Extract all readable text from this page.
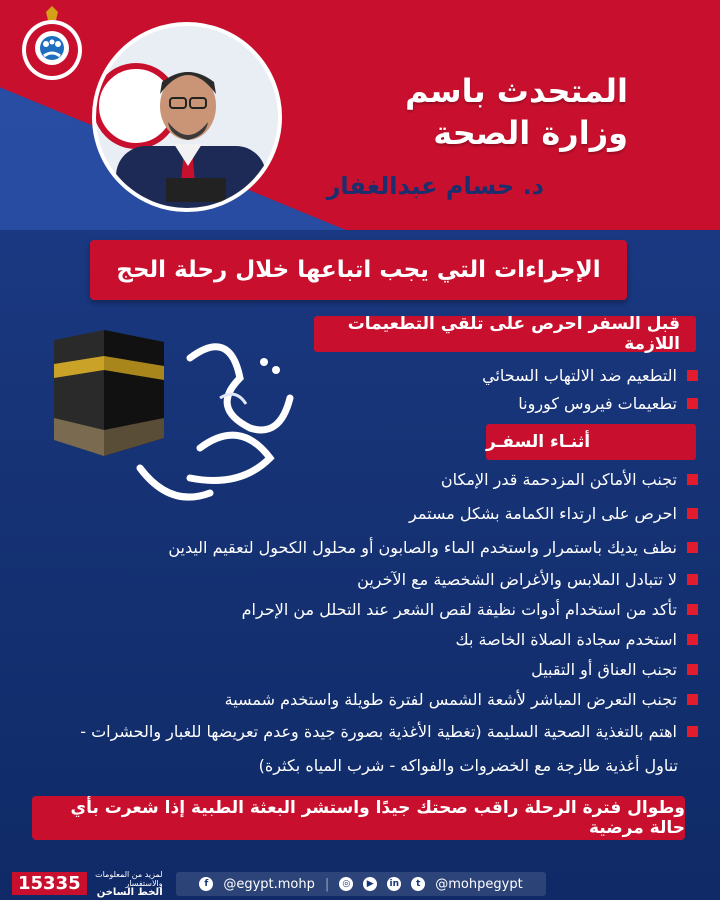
المتحدث باسم
وزارة الصحة
د. حسام عبدالغفار
الإجراءات التي يجب اتباعها خلال رحلة الحج
قبل السفر احرص على تلقي التطعيمات اللازمة
التطعيم ضد الالتهاب السحائي
تطعيمات فيروس كورونا
أثنـاء السفـر
تجنب الأماكن المزدحمة قدر الإمكان
احرص على ارتداء الكمامة بشكل مستمر
نظف يديك باستمرار واستخدم الماء والصابون أو محلول الكحول لتعقيم اليدين
لا تتبادل الملابس والأغراض الشخصية مع الآخرين
تأكد من استخدام أدوات نظيفة لقص الشعر عند التحلل من الإحرام
استخدم سجادة الصلاة الخاصة بك
تجنب العناق أو التقبيل
تجنب التعرض المباشر لأشعة الشمس لفترة طويلة واستخدم شمسية
اهتم بالتغذية الصحية السليمة (تغطية الأغذية بصورة جيدة وعدم تعريضها للغبار والحشرات -
تناول أغذية طازجة مع الخضروات والفواكه - شرب المياه بكثرة)
وطوال فترة الرحلة راقب صحتك جيدًا واستشر البعثة الطبية إذا شعرت بأي حالة مرضية
15335	لمزيد من المعلومات والاستفسار
الخط الساخن
f	@egypt.mohp |	◎	▶	in	t	@mohpegypt
